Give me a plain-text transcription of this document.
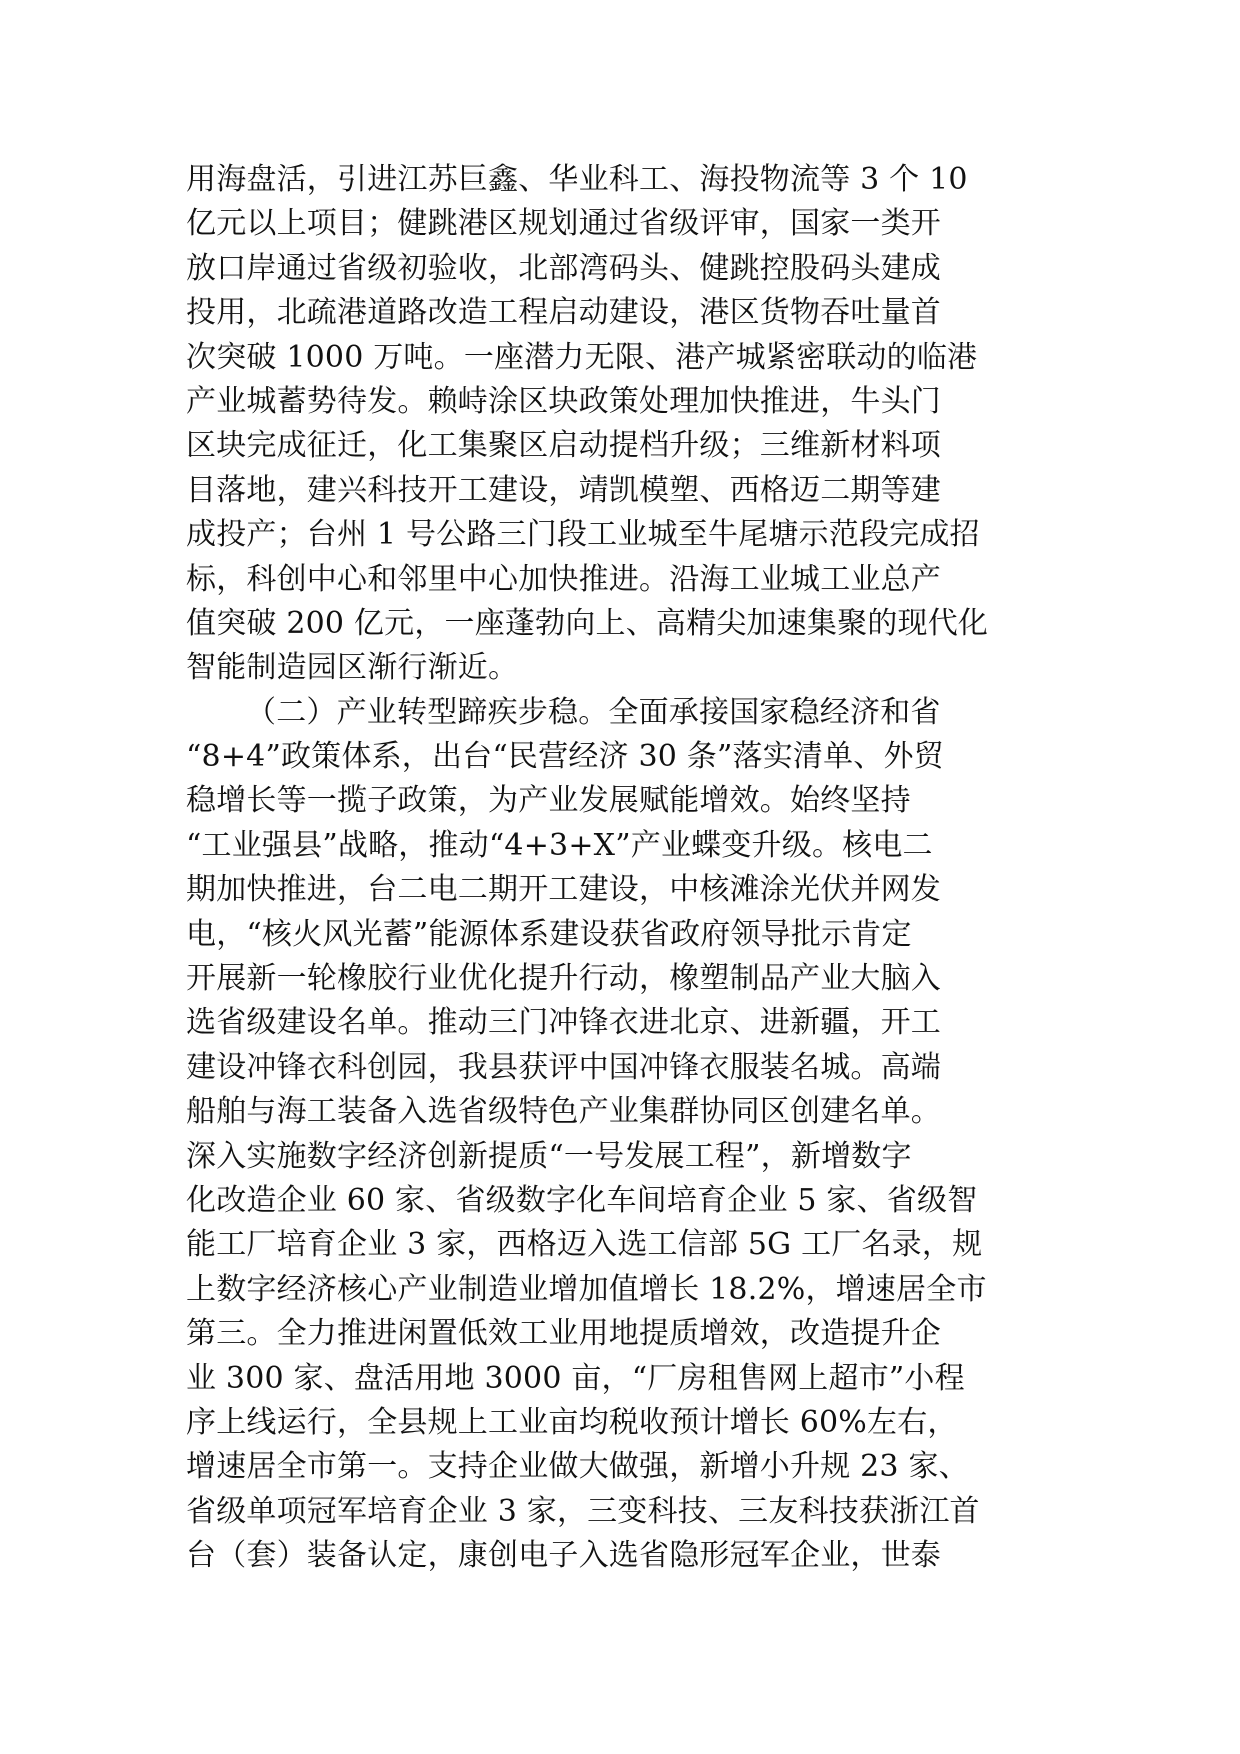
用海盘活，引进江苏巨鑫、华业科工、海投物流等 3 个 10
亿元以上项目；健跳港区规划通过省级评审，国家一类开
放口岸通过省级初验收，北部湾码头、健跳控股码头建成
投用，北疏港道路改造工程启动建设，港区货物吞吐量首
次突破 1000 万吨。一座潜力无限、港产城紧密联动的临港
产业城蓄势待发。赖峙涂区块政策处理加快推进，牛头门
区块完成征迁，化工集聚区启动提档升级；三维新材料项
目落地，建兴科技开工建设，靖凯模塑、西格迈二期等建
成投产；台州 1 号公路三门段工业城至牛尾塘示范段完成招
标，科创中心和邻里中心加快推进。沿海工业城工业总产
值突破 200 亿元，一座蓬勃向上、高精尖加速集聚的现代化
智能制造园区渐行渐近。
（二）产业转型蹄疾步稳。全面承接国家稳经济和省
“8+4”政策体系，出台“民营经济 30 条”落实清单、外贸
稳增长等一揽子政策，为产业发展赋能增效。始终坚持
“工业强县”战略，推动“4+3+X”产业蝶变升级。核电二
期加快推进，台二电二期开工建设，中核滩涂光伏并网发
电，“核火风光蓄”能源体系建设获省政府领导批示肯定
开展新一轮橡胶行业优化提升行动，橡塑制品产业大脑入
选省级建设名单。推动三门冲锋衣进北京、进新疆，开工
建设冲锋衣科创园，我县获评中国冲锋衣服装名城。高端
船舶与海工装备入选省级特色产业集群协同区创建名单。
深入实施数字经济创新提质“一号发展工程”，新增数字
化改造企业 60 家、省级数字化车间培育企业 5 家、省级智
能工厂培育企业 3 家，西格迈入选工信部 5G 工厂名录，规
上数字经济核心产业制造业增加值增长 18.2%，增速居全市
第三。全力推进闲置低效工业用地提质增效，改造提升企
业 300 家、盘活用地 3000 亩，“厂房租售网上超市”小程
序上线运行，全县规上工业亩均税收预计增长 60%左右，
增速居全市第一。支持企业做大做强，新增小升规 23 家、
省级单项冠军培育企业 3 家，三变科技、三友科技获浙江首
台（套）装备认定，康创电子入选省隐形冠军企业，世泰
